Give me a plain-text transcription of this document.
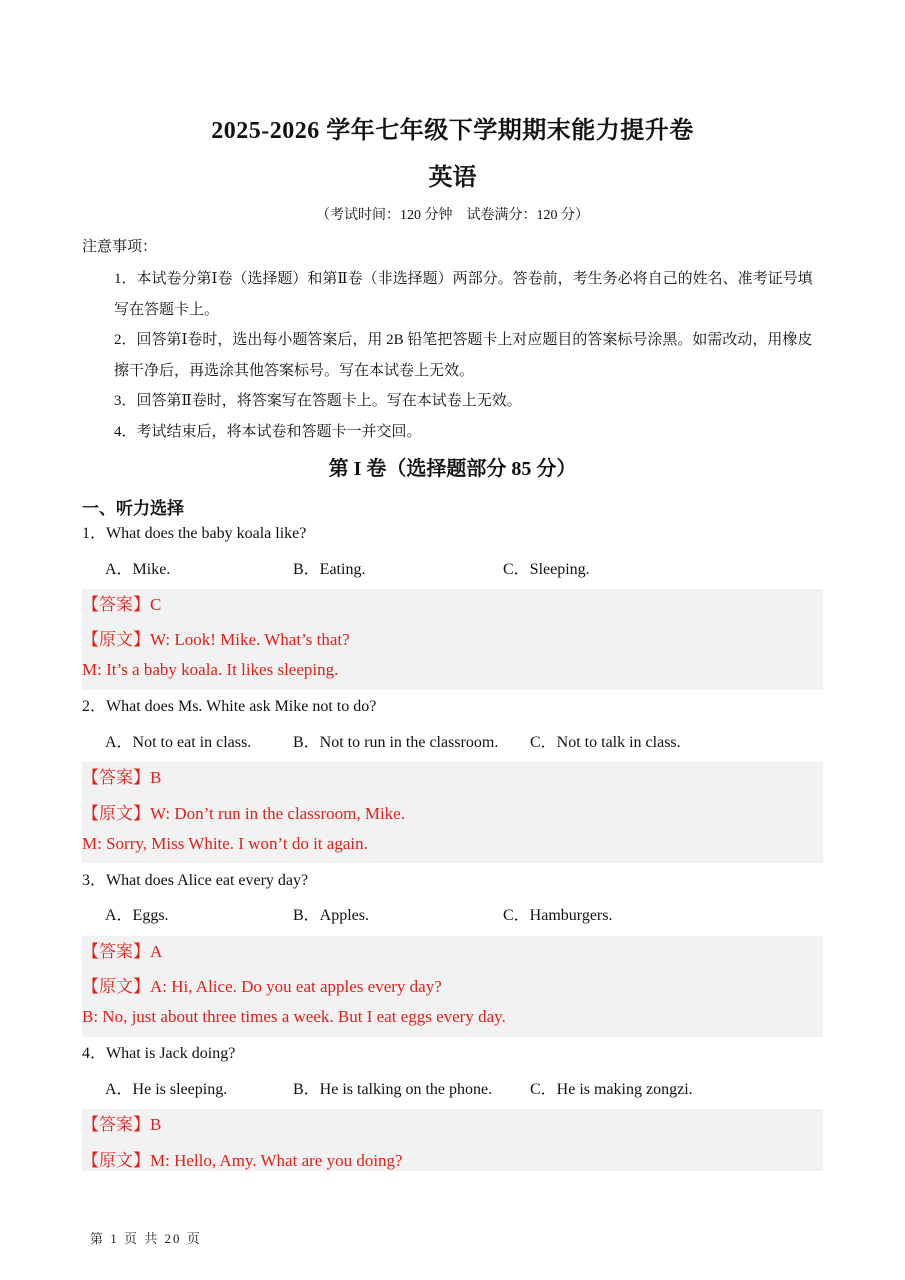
2025-2026 学年七年级下学期期末能力提升卷
英语
（考试时间：120 分钟　试卷满分：120 分）
注意事项：
1．本试卷分第Ⅰ卷（选择题）和第Ⅱ卷（非选择题）两部分。答卷前，考生务必将自己的姓名、准考证号填写在答题卡上。
2．回答第Ⅰ卷时，选出每小题答案后，用 2B 铅笔把答题卡上对应题目的答案标号涂黑。如需改动，用橡皮擦干净后，再选涂其他答案标号。写在本试卷上无效。
3．回答第Ⅱ卷时，将答案写在答题卡上。写在本试卷上无效。
4．考试结束后，将本试卷和答题卡一并交回。
第 I 卷（选择题部分 85 分）
一、听力选择
1．What does the baby koala like?
A．Mike.	B．Eating.	C．Sleeping.
【答案】C
【原文】W: Look! Mike. What’s that?
M: It’s a baby koala. It likes sleeping.
2．What does Ms. White ask Mike not to do?
A．Not to eat in class.	B．Not to run in the classroom. C．Not to talk in class.
【答案】B
【原文】W: Don’t run in the classroom, Mike.
M: Sorry, Miss White. I won’t do it again.
3．What does Alice eat every day?
A．Eggs.	B．Apples.	C．Hamburgers.
【答案】A
【原文】A: Hi, Alice. Do you eat apples every day?
B: No, just about three times a week. But I eat eggs every day.
4．What is Jack doing?
A．He is sleeping.	B．He is talking on the phone. C．He is making zongzi.
【答案】B
【原文】M: Hello, Amy. What are you doing?
第 1 页 共 20 页
